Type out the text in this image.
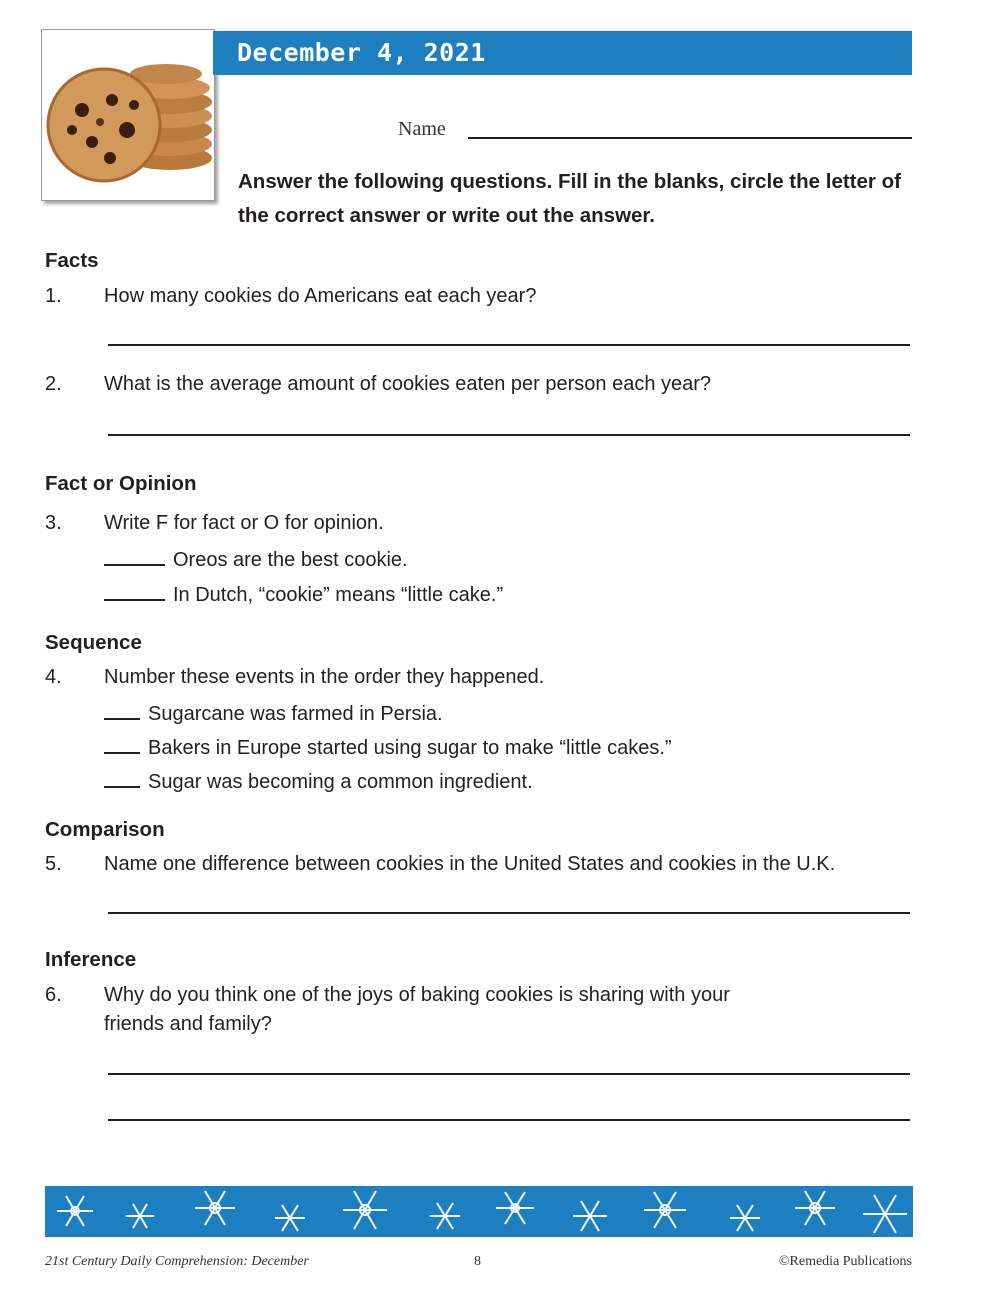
December 4, 2021
Name
Answer the following questions. Fill in the blanks, circle the letter of the correct answer or write out the answer.
Facts
1. How many cookies do Americans eat each year?
2. What is the average amount of cookies eaten per person each year?
Fact or Opinion
3. Write F for fact or O for opinion.
Oreos are the best cookie.
In Dutch, “cookie” means “little cake.”
Sequence
4. Number these events in the order they happened.
Sugarcane was farmed in Persia.
Bakers in Europe started using sugar to make “little cakes.”
Sugar was becoming a common ingredient.
Comparison
5. Name one difference between cookies in the United States and cookies in the U.K.
Inference
6. Why do you think one of the joys of baking cookies is sharing with your
friends and family?
21st Century Daily Comprehension: December	8	©Remedia Publications
